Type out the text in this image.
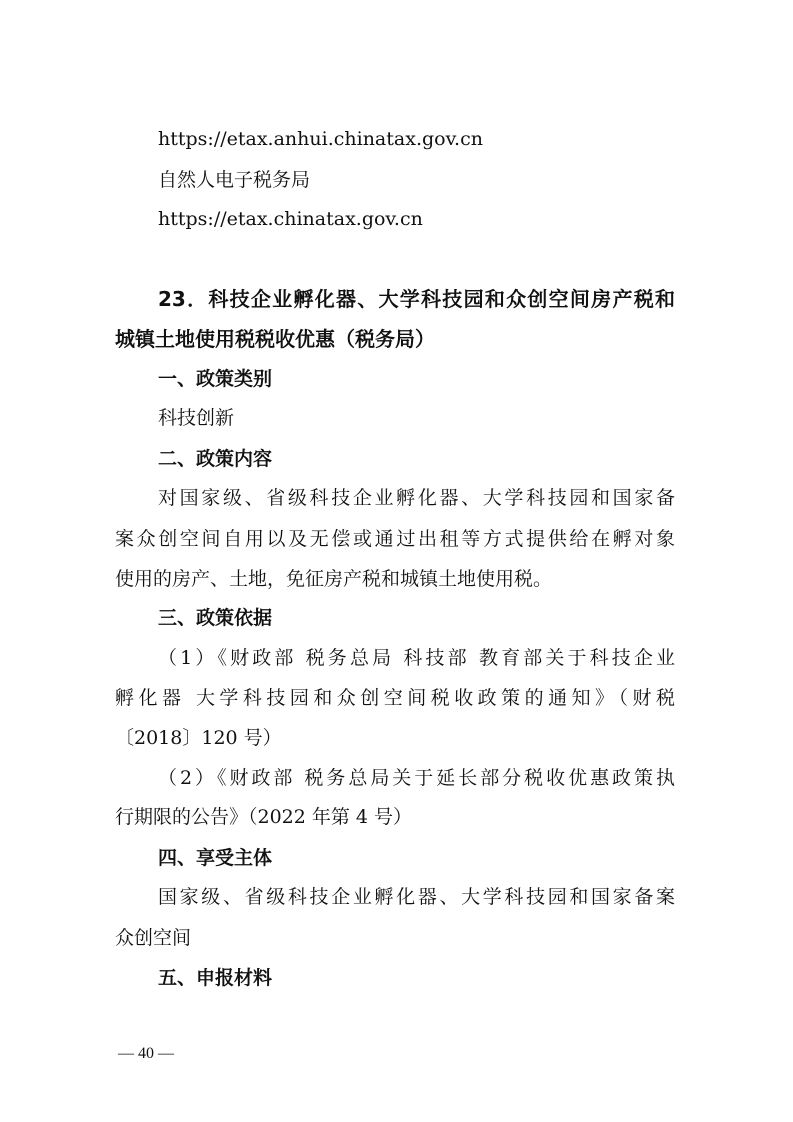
https://etax.anhui.chinatax.gov.cn
自然人电子税务局
https://etax.chinatax.gov.cn
23．科技企业孵化器、大学科技园和众创空间房产税和
城镇土地使用税税收优惠（税务局）
一、政策类别
科技创新
二、政策内容
对国家级、省级科技企业孵化器、大学科技园和国家备
案众创空间自用以及无偿或通过出租等方式提供给在孵对象
使用的房产、土地，免征房产税和城镇土地使用税。
三、政策依据
（1）《财政部 税务总局 科技部 教育部关于科技企业
孵化器 大学科技园和众创空间税收政策的通知》（财税
〔2018〕120 号）
（2）《财政部 税务总局关于延长部分税收优惠政策执
行期限的公告》（2022 年第 4 号）
四、享受主体
国家级、省级科技企业孵化器、大学科技园和国家备案
众创空间
五、申报材料
— 40 —
